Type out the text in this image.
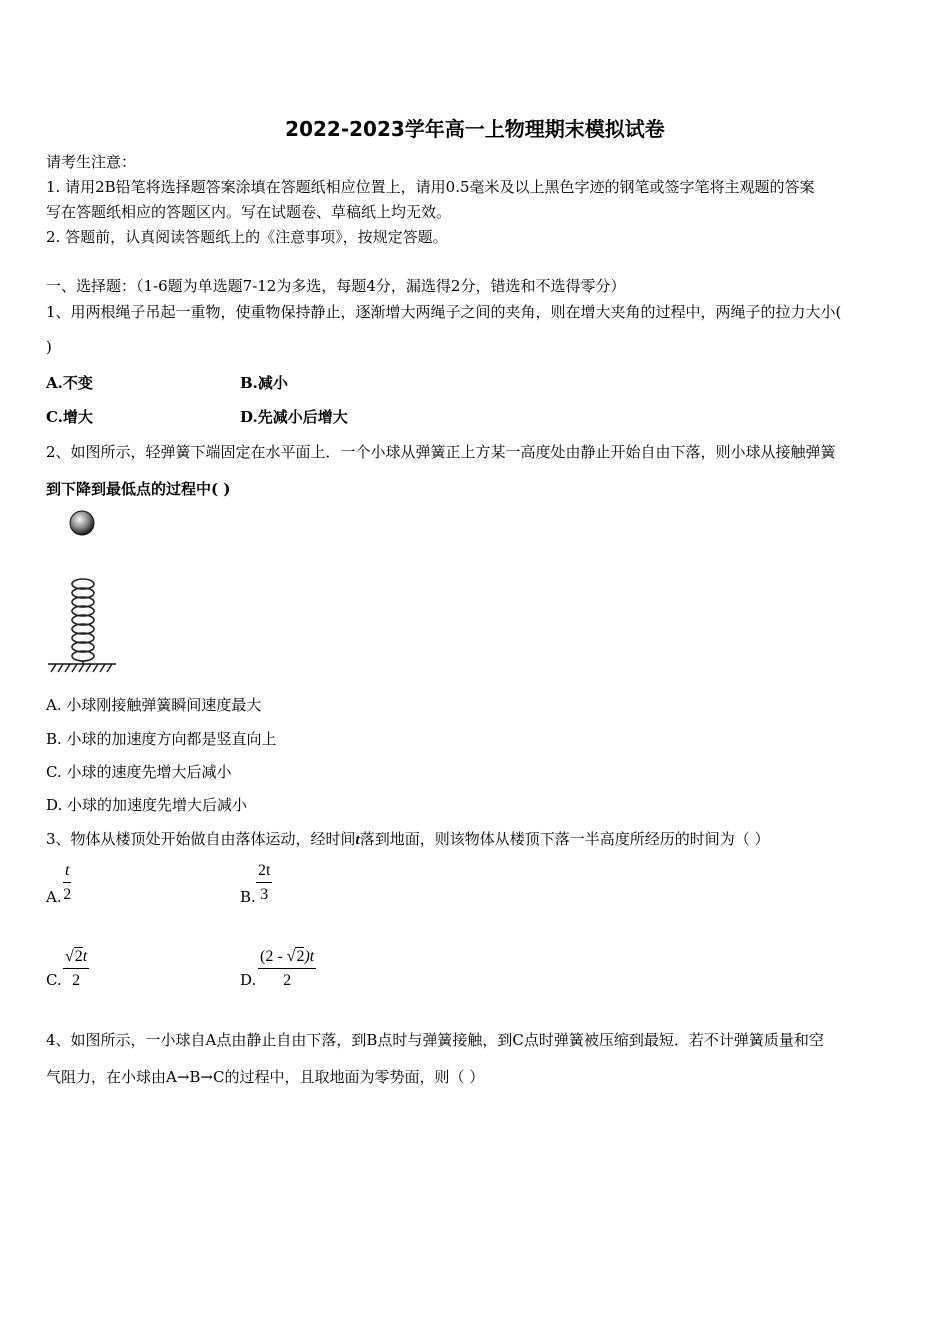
2022-2023学年高一上物理期末模拟试卷
请考生注意：
1. 请用2B铅笔将选择题答案涂填在答题纸相应位置上，请用0.5毫米及以上黑色字迹的钢笔或签字笔将主观题的答案
写在答题纸相应的答题区内。写在试题卷、草稿纸上均无效。
2. 答题前，认真阅读答题纸上的《注意事项》，按规定答题。
一、选择题：（1-6题为单选题7-12为多选，每题4分，漏选得2分，错选和不选得零分）
1、用两根绳子吊起一重物，使重物保持静止，逐渐增大两绳子之间的夹角，则在增大夹角的过程中，两绳子的拉力大小(
)
A.不变	B.减小
C.增大	D.先减小后增大
2、如图所示，轻弹簧下端固定在水平面上．一个小球从弹簧正上方某一高度处由静止开始自由下落，则小球从接触弹簧
到下降到最低点的过程中( )
A. 小球刚接触弹簧瞬间速度最大
B. 小球的加速度方向都是竖直向上
C. 小球的速度先增大后减小
D. 小球的加速度先增大后减小
3、物体从楼顶处开始做自由落体运动，经时间t落到地面，则该物体从楼顶下落一半高度所经历的时间为（ ）
A. $\frac{t}{2}$	B. $\frac{2t}{3}$
C. $\frac{√2t}{2}$	D. $\frac{(2 - √2)t}{2}$
4、如图所示，一小球自A点由静止自由下落，到B点时与弹簧接触，到C点时弹簧被压缩到最短．若不计弹簧质量和空
气阻力，在小球由A→B→C的过程中，且取地面为零势面，则（ ）
